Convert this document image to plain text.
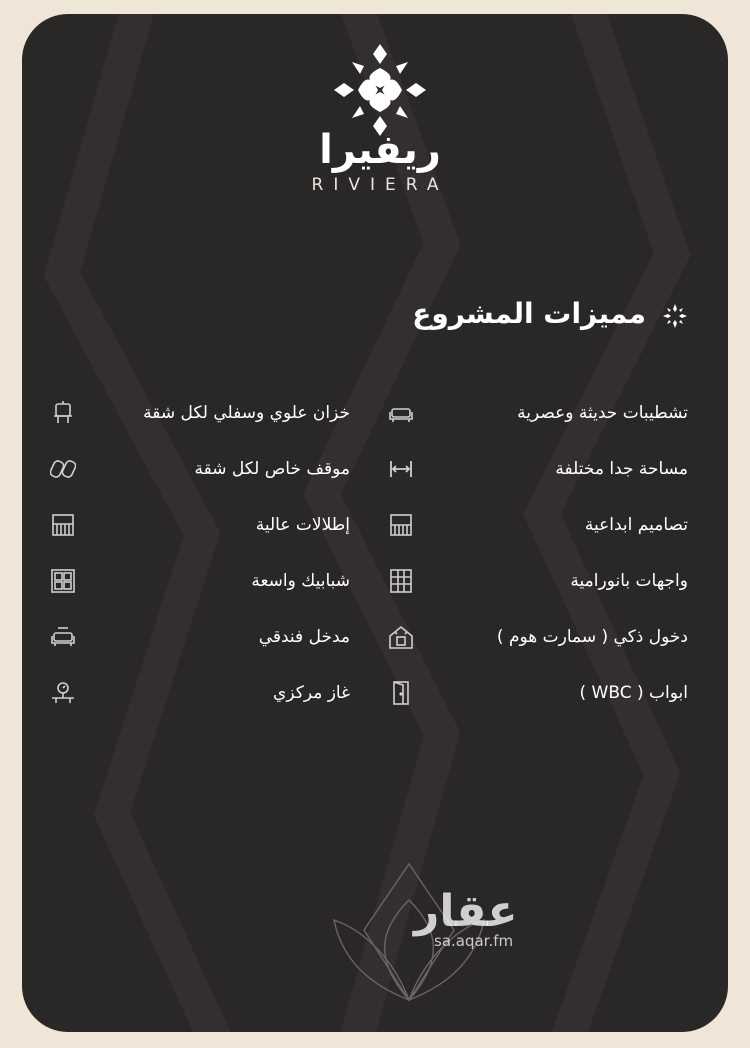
ريفيرا
RIVIERA
مميزات المشروع
تشطيبات حديثة وعصرية
مساحة جدا مختلفة
تصاميم ابداعية
واجهات بانورامية
دخول ذكي ( سمارت هوم )
ابواب ( WBC )
خزان علوي وسفلي لكل شقة
موقف خاص لكل شقة
إطلالات عالية
شبابيك واسعة
مدخل فندقي
غاز مركزي
عقار
sa.aqar.fm
